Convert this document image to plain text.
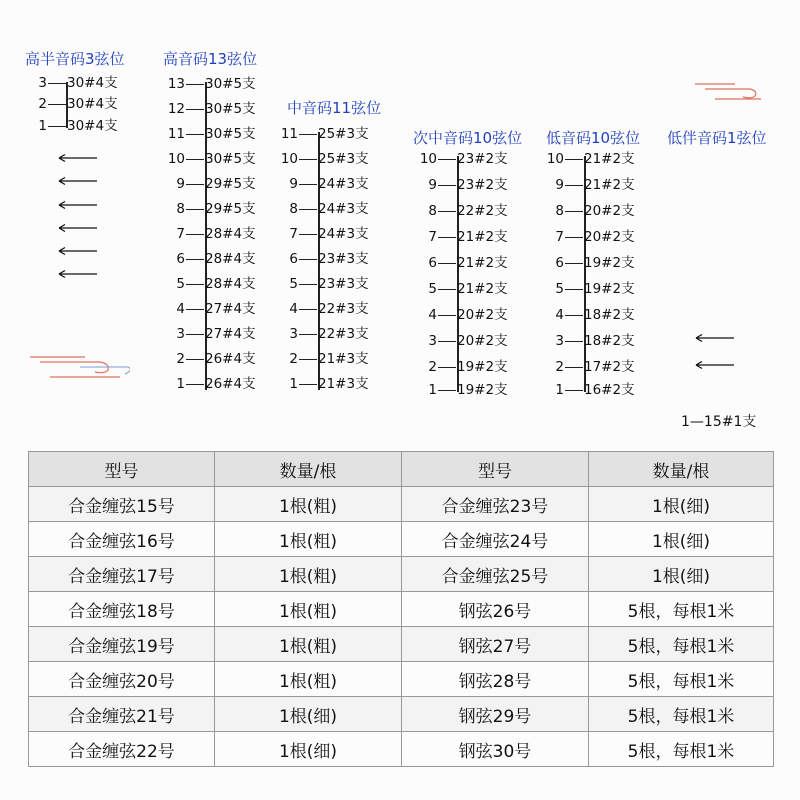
高半音码3弦位	高音码13弦位
中音码11弦位
次中音码10弦位 低音码10弦位 低伴音码1弦位
3 30#4支
2 30#4支
1 30#4支
13 30#5支
12 30#5支
11 30#5支
10 30#5支
9 29#5支
8 29#5支
7 28#4支
6 28#4支
5 28#4支
4 27#4支
3 27#4支
2 26#4支
1 26#4支
11 25#3支
10 25#3支
9 24#3支
8 24#3支
7 24#3支
6 23#3支
5 23#3支
4 22#3支
3 22#3支
2 21#3支
1 21#3支
10 23#2支
9 23#2支
8 22#2支
7 21#2支
6 21#2支
5 21#2支
4 20#2支
3 20#2支
2 19#2支
1 19#2支
10 21#2支
9 21#2支
8 20#2支
7 20#2支
6 19#2支
5 19#2支
4 18#2支
3 18#2支
2 17#2支
1 16#2支
1—15#1支
型号	数量/根	型号	数量/根
合金缠弦15号	1根(粗)	合金缠弦23号	1根(细)
合金缠弦16号	1根(粗)	合金缠弦24号	1根(细)
合金缠弦17号	1根(粗)	合金缠弦25号	1根(细)
合金缠弦18号	1根(粗)	钢弦26号	5根，每根1米
合金缠弦19号	1根(粗)	钢弦27号	5根，每根1米
合金缠弦20号	1根(粗)	钢弦28号	5根，每根1米
合金缠弦21号	1根(细)	钢弦29号	5根，每根1米
合金缠弦22号	1根(细)	钢弦30号	5根，每根1米
